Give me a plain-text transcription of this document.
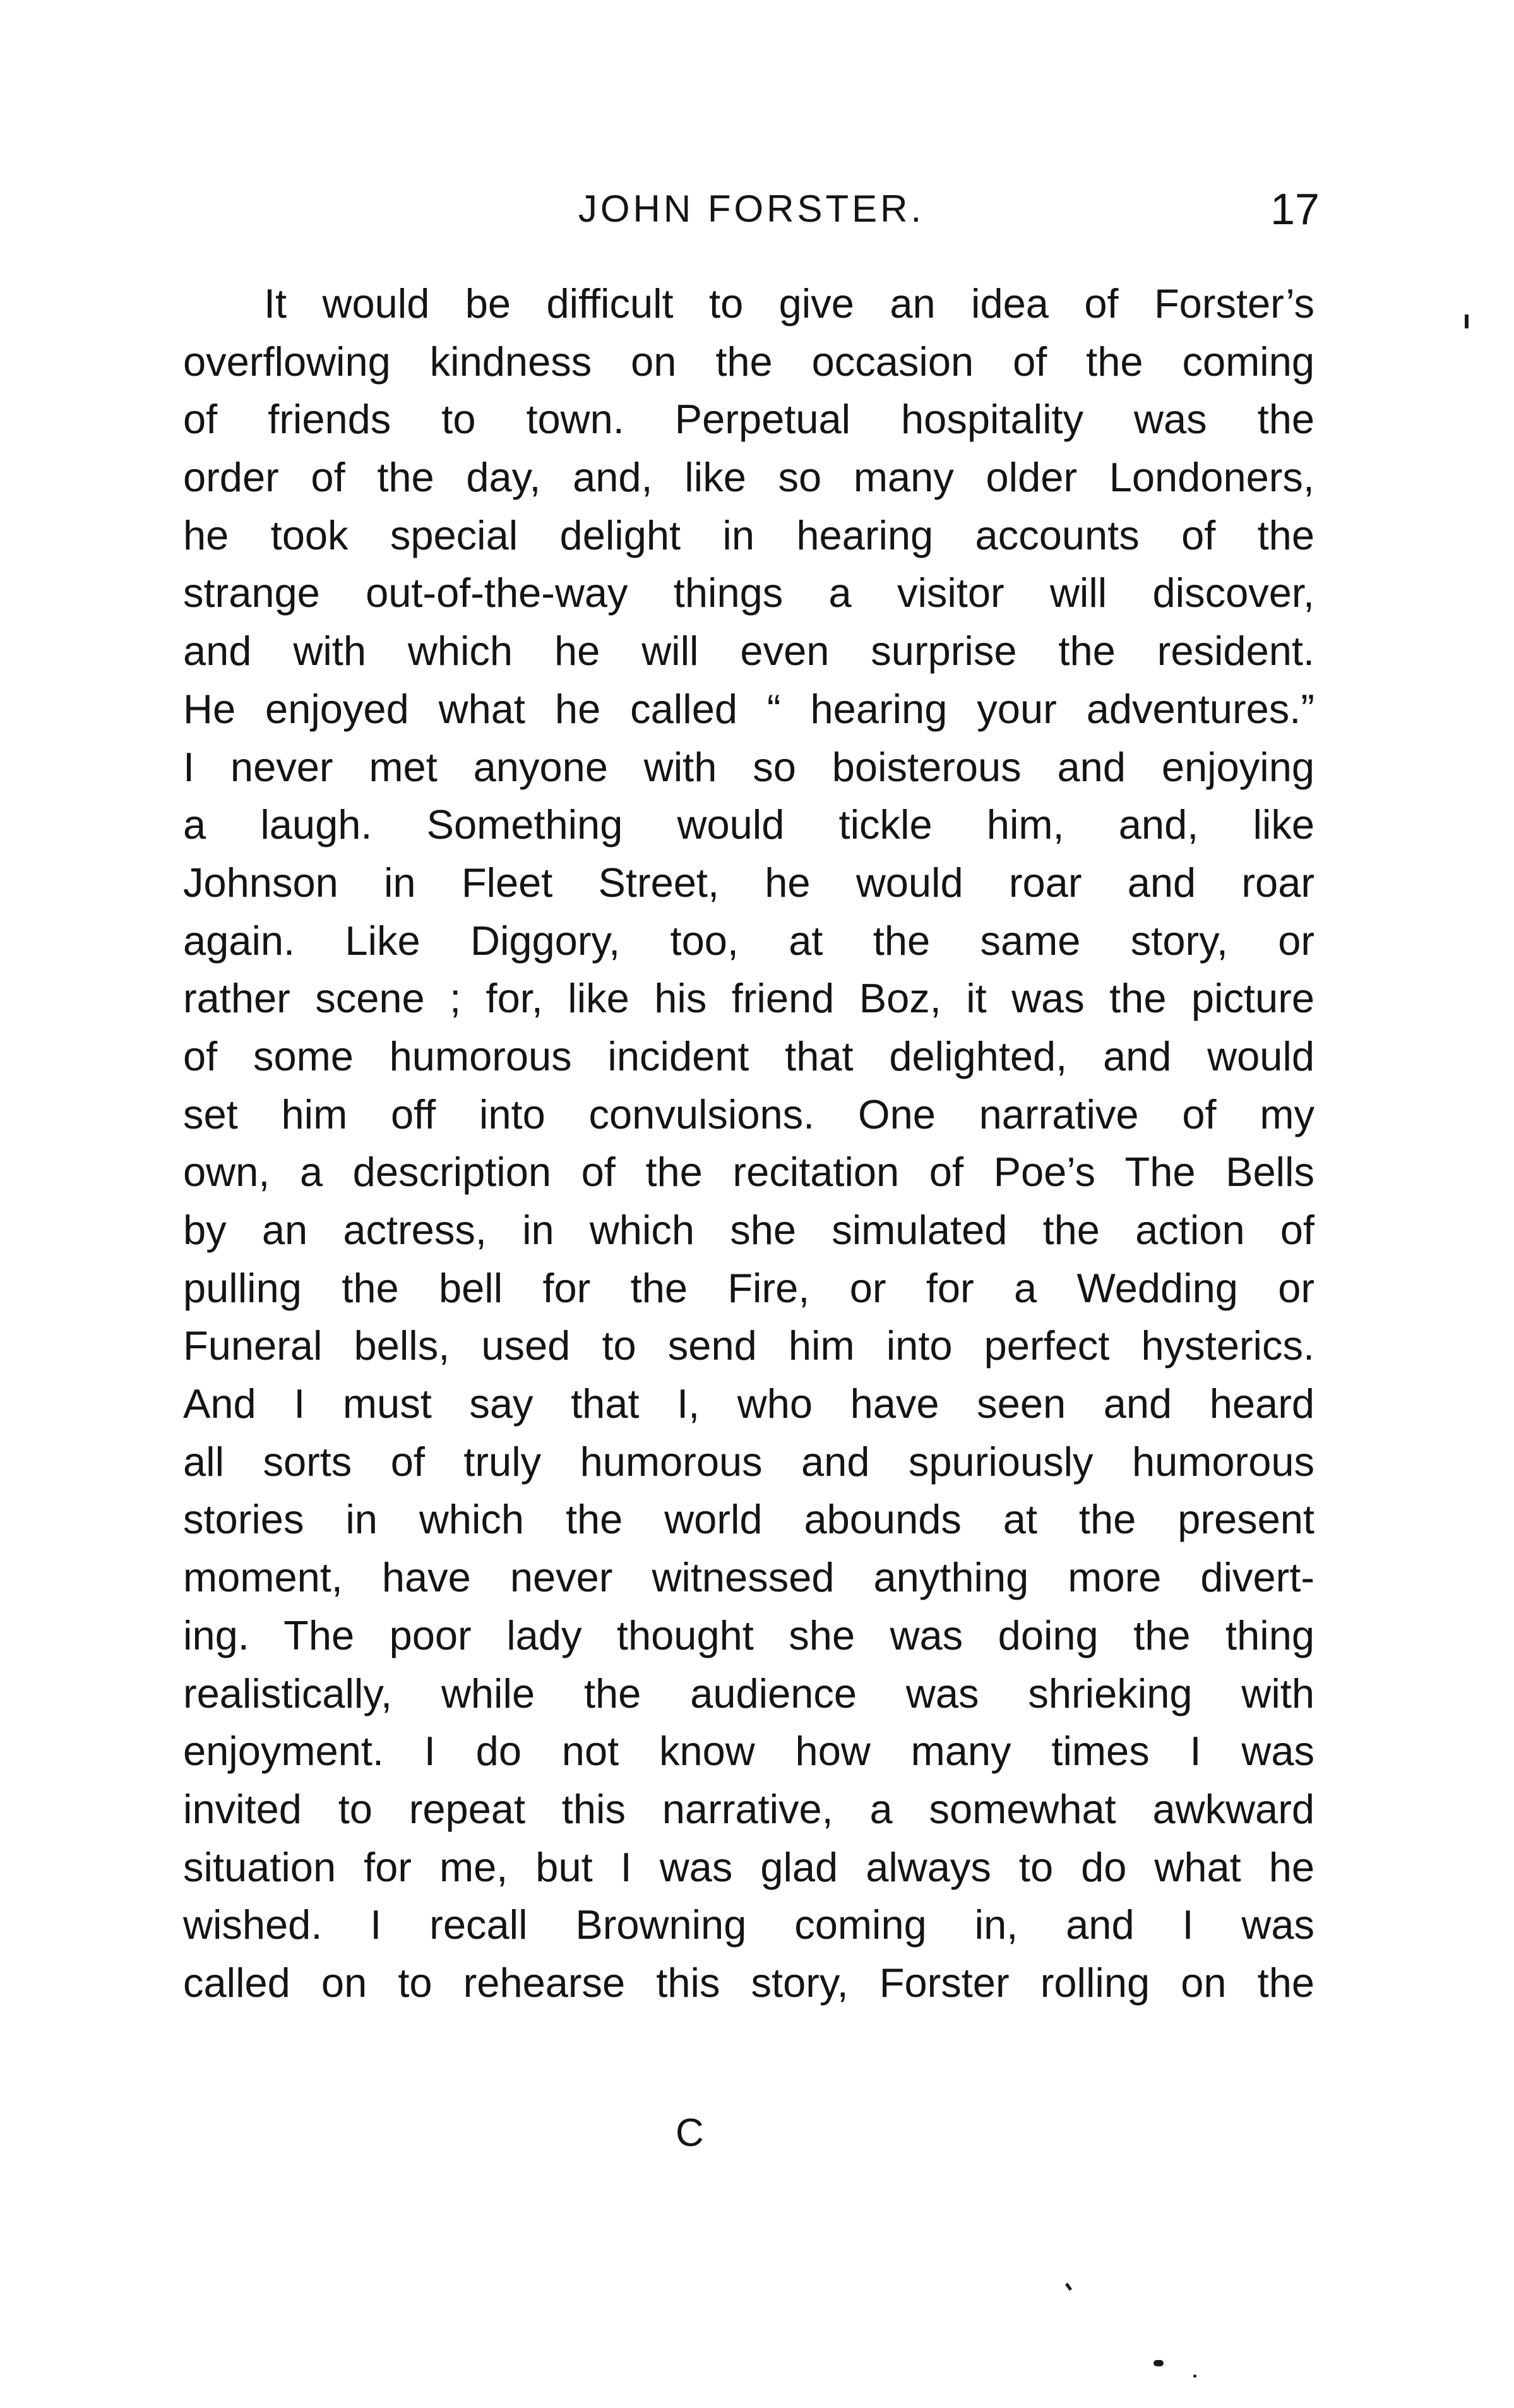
JOHN FORSTER.	17
It would be difficult to give an idea of Forster’s
overflowing kindness on the occasion of the coming
of friends to town. Perpetual hospitality was the
order of the day, and, like so many older Londoners,
he took special delight in hearing accounts of the
strange out-of-the-way things a visitor will discover,
and with which he will even surprise the resident.
He enjoyed what he called “ hearing your adventures.”
I never met anyone with so boisterous and enjoying
a laugh. Something would tickle him, and, like
Johnson in Fleet Street, he would roar and roar
again. Like Diggory, too, at the same story, or
rather scene ; for, like his friend Boz, it was the picture
of some humorous incident that delighted, and would
set him off into convulsions. One narrative of my
own, a description of the recitation of Poe’s The Bells
by an actress, in which she simulated the action of
pulling the bell for the Fire, or for a Wedding or
Funeral bells, used to send him into perfect hysterics.
And I must say that I, who have seen and heard
all sorts of truly humorous and spuriously humorous
stories in which the world abounds at the present
moment, have never witnessed anything more divert-
ing. The poor lady thought she was doing the thing
realistically, while the audience was shrieking with
enjoyment. I do not know how many times I was
invited to repeat this narrative, a somewhat awkward
situation for me, but I was glad always to do what he
wished. I recall Browning coming in, and I was
called on to rehearse this story, Forster rolling on the
C
